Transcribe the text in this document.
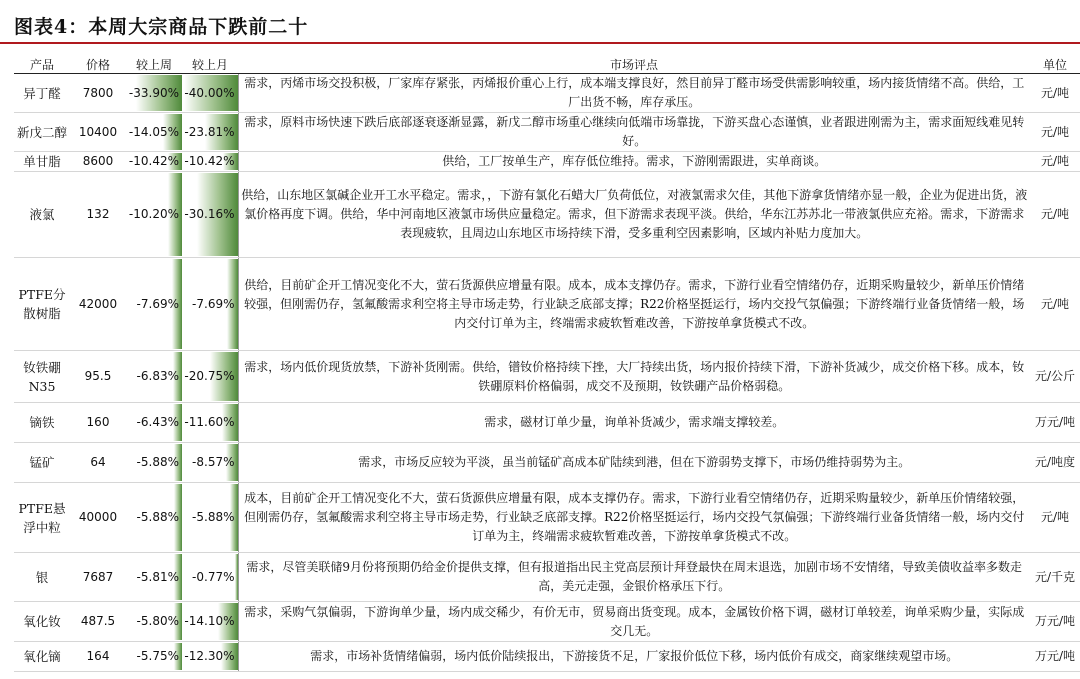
图表4：本周大宗商品下跌前二十
产品	价格	较上周	较上月	市场评点	单位
异丁醛	7800	-33.90%	-40.00%	需求，丙烯市场交投积极，厂家库存紧张，丙烯报价重心上行，成本端支撑良好，然目前异丁醛市场受供需影响较重，场内接货情绪不高。供给，工厂出货不畅，库存承压。	元/吨
新戊二醇	10400	-14.05%	-23.81%	需求，原料市场快速下跌后底部逐衰逐渐显露，新戊二醇市场重心继续向低端市场靠拢，下游买盘心态谨慎，业者跟进刚需为主，需求面短线难见转好。	元/吨
单甘脂	8600	-10.42%	-10.42%	供给，工厂按单生产，库存低位维持。需求，下游刚需跟进，实单商谈。	元/吨
液氯	132	-10.20%	-30.16%	供给，山东地区氯碱企业开工水平稳定。需求，，下游有氯化石蜡大厂负荷低位，对液氯需求欠佳，其他下游拿货情绪亦显一般，企业为促进出货，液氯价格再度下调。供给，华中河南地区液氯市场供应量稳定。需求，但下游需求表现平淡。供给，华东江苏苏北一带液氯供应充裕。需求，下游需求表现疲软，且周边山东地区市场持续下滑，受多重利空因素影响，区域内补贴力度加大。	元/吨
PTFE分散树脂	42000	-7.69%	-7.69%	供给，目前矿企开工情况变化不大，萤石货源供应增量有限。成本，成本支撑仍存。需求，下游行业看空情绪仍存，近期采购量较少，新单压价情绪较强，但刚需仍存，氢氟酸需求利空将主导市场走势，行业缺乏底部支撑；R22价格坚挺运行，场内交投气氛偏强；下游终端行业备货情绪一般，场内交付订单为主，终端需求疲软暂难改善，下游按单拿货模式不改。	元/吨
钕铁硼N35	95.5	-6.83%	-20.75%	需求，场内低价现货放禁，下游补货刚需。供给，镨钕价格持续下挫，大厂持续出货，场内报价持续下滑，下游补货减少，成交价格下移。成本，钕铁硼原料价格偏弱，成交不及预期，钕铁硼产品价格弱稳。	元/公斤
镝铁	160	-6.43%	-11.60%	需求，磁材订单少量，询单补货减少，需求端支撑较差。	万元/吨
锰矿	64	-5.88%	-8.57%	需求，市场反应较为平淡，虽当前锰矿高成本矿陆续到港，但在下游弱势支撑下，市场仍维持弱势为主。	元/吨度
PTFE悬浮中粒	40000	-5.88%	-5.88%	成本，目前矿企开工情况变化不大，萤石货源供应增量有限，成本支撑仍存。需求，下游行业看空情绪仍存，近期采购量较少，新单压价情绪较强，但刚需仍存，氢氟酸需求利空将主导市场走势，行业缺乏底部支撑。R22价格坚挺运行，场内交投气氛偏强；下游终端行业备货情绪一般，场内交付订单为主，终端需求疲软暂难改善，下游按单拿货模式不改。	元/吨
银	7687	-5.81%	-0.77%	需求，尽管美联储9月份将预期仍给金价提供支撑，但有报道指出民主党高层预计拜登最快在周末退选，加剧市场不安情绪，导致美债收益率多数走高，美元走强，金银价格承压下行。	元/千克
氧化钕	487.5	-5.80%	-14.10%	需求，采购气氛偏弱，下游询单少量，场内成交稀少，有价无市，贸易商出货变现。成本，金属钕价格下调，磁材订单较差，询单采购少量，实际成交几无。	万元/吨
氧化镝	164	-5.75%	-12.30%	需求，市场补货情绪偏弱，场内低价陆续报出，下游接货不足，厂家报价低位下移，场内低价有成交，商家继续观望市场。	万元/吨
